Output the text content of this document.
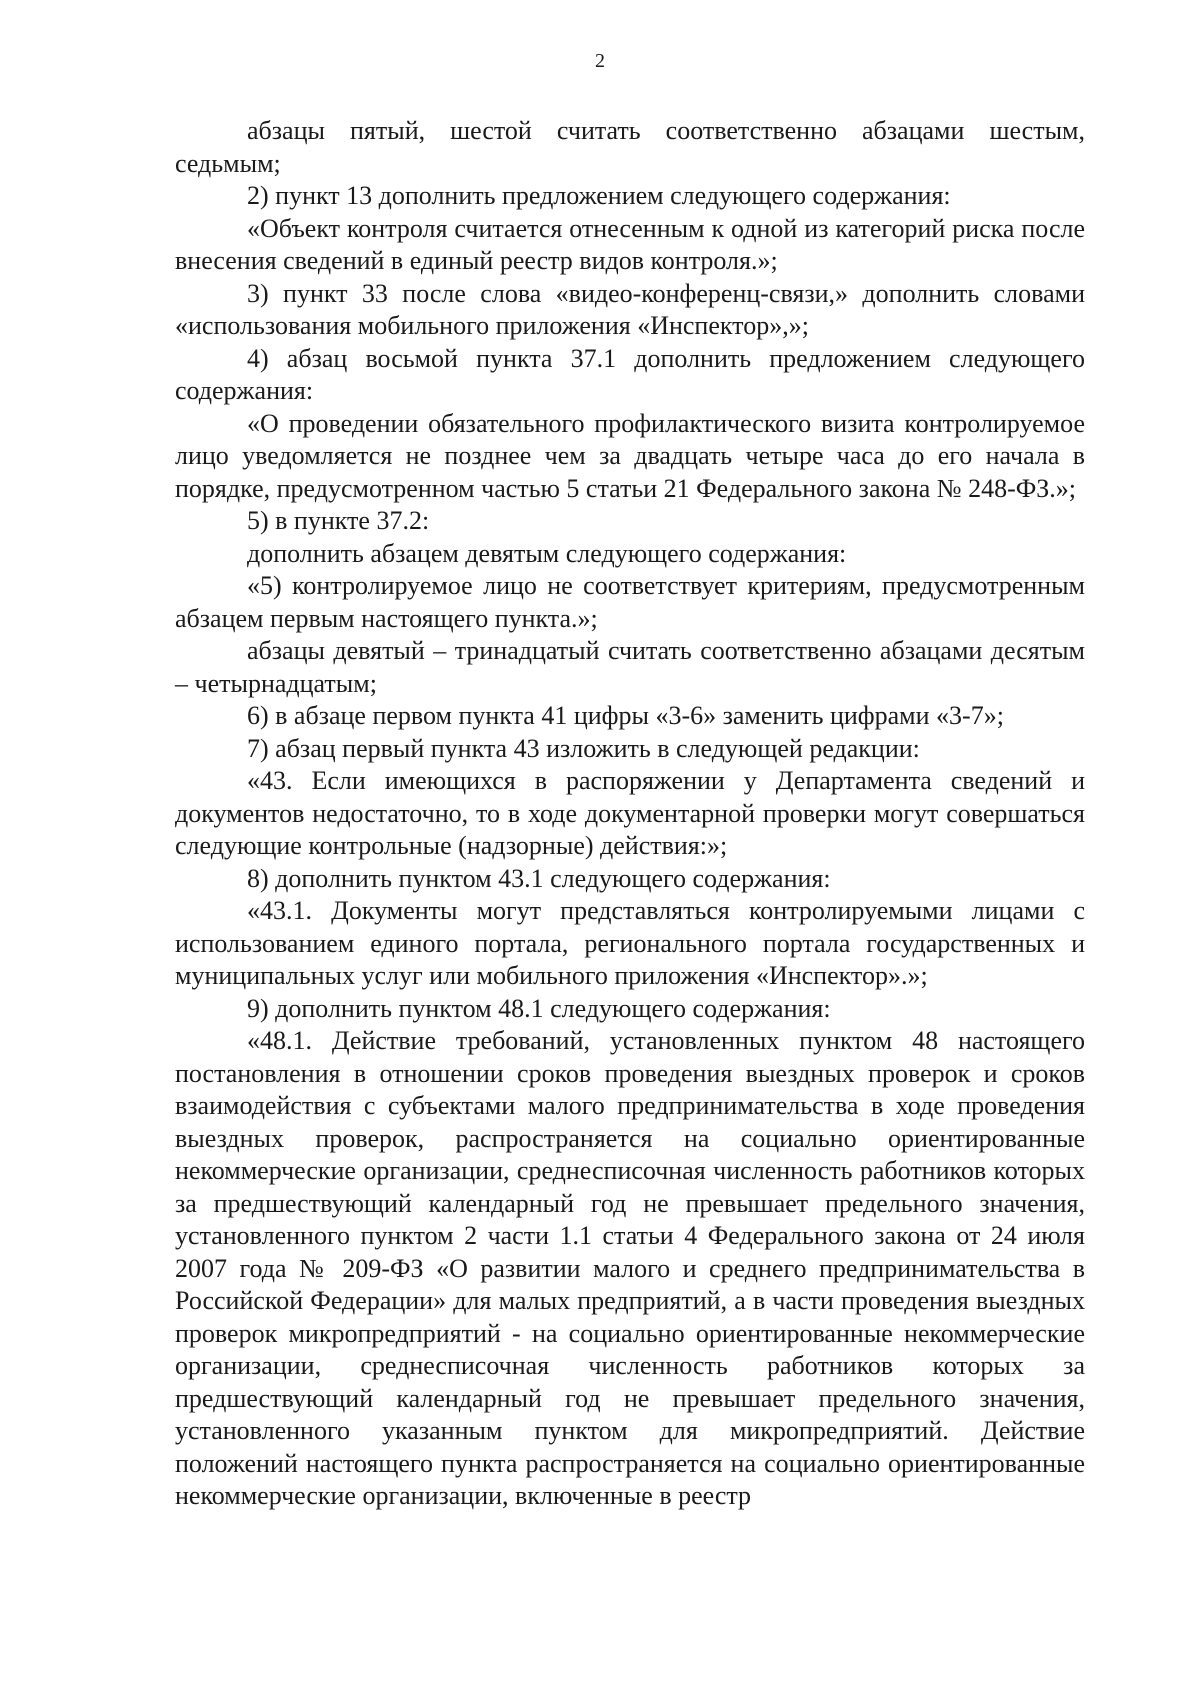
2

абзацы пятый, шестой считать соответственно абзацами шестым, седьмым;

2) пункт 13 дополнить предложением следующего содержания:

«Объект контроля считается отнесенным к одной из категорий риска после внесения сведений в единый реестр видов контроля.»;

3) пункт 33 после слова «видео-конференц-связи,» дополнить словами «использования мобильного приложения «Инспектор»,»;

4) абзац восьмой пункта 37.1 дополнить предложением следующего содержания:

«О проведении обязательного профилактического визита контролируемое лицо уведомляется не позднее чем за двадцать четыре часа до его начала в порядке, предусмотренном частью 5 статьи 21 Федерального закона № 248-ФЗ.»;

5) в пункте 37.2:

дополнить абзацем девятым следующего содержания:

«5) контролируемое лицо не соответствует критериям, предусмотренным абзацем первым настоящего пункта.»;

абзацы девятый – тринадцатый считать соответственно абзацами десятым – четырнадцатым;

6) в абзаце первом пункта 41 цифры «3-6» заменить цифрами «3-7»;

7) абзац первый пункта 43 изложить в следующей редакции:

«43. Если имеющихся в распоряжении у Департамента сведений и документов недостаточно, то в ходе документарной проверки могут совершаться следующие контрольные (надзорные) действия:»;

8) дополнить пунктом 43.1 следующего содержания:

«43.1. Документы могут представляться контролируемыми лицами с использованием единого портала, регионального портала государственных и муниципальных услуг или мобильного приложения «Инспектор».»;

9) дополнить пунктом 48.1 следующего содержания:

«48.1. Действие требований, установленных пунктом 48 настоящего постановления в отношении сроков проведения выездных проверок и сроков взаимодействия с субъектами малого предпринимательства в ходе проведения выездных проверок, распространяется на социально ориентированные некоммерческие организации, среднесписочная численность работников которых за предшествующий календарный год не превышает предельного значения, установленного пунктом 2 части 1.1 статьи 4 Федерального закона от 24 июля 2007 года № 209-ФЗ «О развитии малого и среднего предпринимательства в Российской Федерации» для малых предприятий, а в части проведения выездных проверок микропредприятий - на социально ориентированные некоммерческие организации, среднесписочная численность работников которых за предшествующий календарный год не превышает предельного значения, установленного указанным пунктом для микропредприятий. Действие положений настоящего пункта распространяется на социально ориентированные некоммерческие организации, включенные в реестр
